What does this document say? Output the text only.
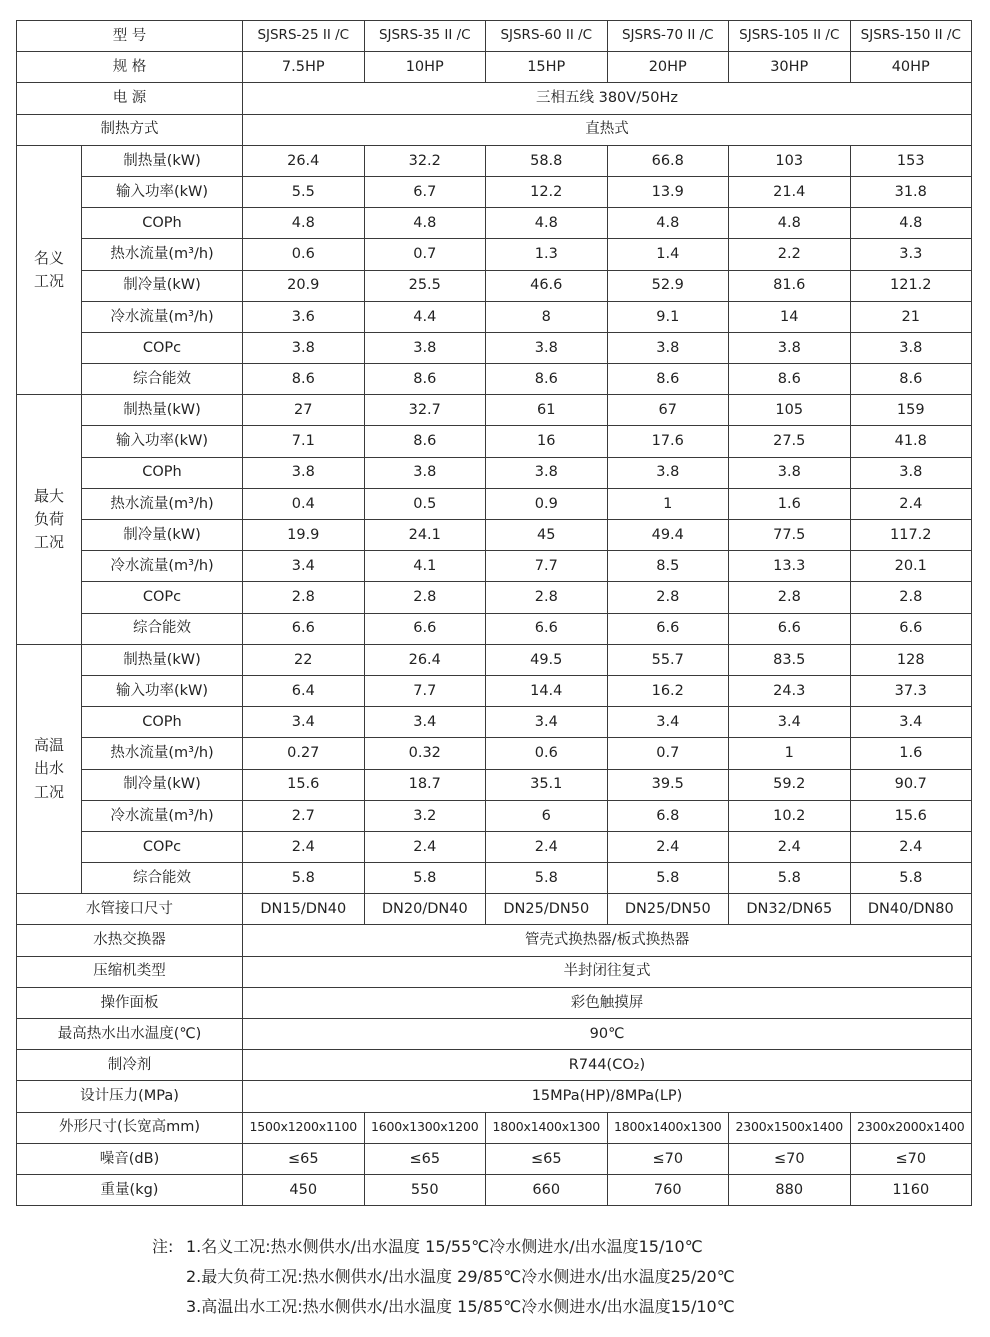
型 号		SJSRS-25 II /C	SJSRS-35 II /C	SJSRS-60 II /C	SJSRS-70 II /C	SJSRS-105 II /C	SJSRS-150 II /C
规 格		7.5HP	10HP	15HP	20HP	30HP	40HP
电 源		三相五线 380V/50Hz					
制热方式		直热式					

名义
工况	制热量(kW)	26.4	32.2	58.8	66.8	103	153
	输入功率(kW)	5.5	6.7	12.2	13.9	21.4	31.8
	COPh	4.8	4.8	4.8	4.8	4.8	4.8
	热水流量(m³/h)	0.6	0.7	1.3	1.4	2.2	3.3
	制冷量(kW)	20.9	25.5	46.6	52.9	81.6	121.2
	冷水流量(m³/h)	3.6	4.4	8	9.1	14	21
	COPc	3.8	3.8	3.8	3.8	3.8	3.8
	综合能效	8.6	8.6	8.6	8.6	8.6	8.6

最大
负荷
工况	制热量(kW)	27	32.7	61	67	105	159
	输入功率(kW)	7.1	8.6	16	17.6	27.5	41.8
	COPh	3.8	3.8	3.8	3.8	3.8	3.8
	热水流量(m³/h)	0.4	0.5	0.9	1	1.6	2.4
	制冷量(kW)	19.9	24.1	45	49.4	77.5	117.2
	冷水流量(m³/h)	3.4	4.1	7.7	8.5	13.3	20.1
	COPc	2.8	2.8	2.8	2.8	2.8	2.8
	综合能效	6.6	6.6	6.6	6.6	6.6	6.6

高温
出水
工况	制热量(kW)	22	26.4	49.5	55.7	83.5	128
	输入功率(kW)	6.4	7.7	14.4	16.2	24.3	37.3
	COPh	3.4	3.4	3.4	3.4	3.4	3.4
	热水流量(m³/h)	0.27	0.32	0.6	0.7	1	1.6
	制冷量(kW)	15.6	18.7	35.1	39.5	59.2	90.7
	冷水流量(m³/h)	2.7	3.2	6	6.8	10.2	15.6
	COPc	2.4	2.4	2.4	2.4	2.4	2.4
	综合能效	5.8	5.8	5.8	5.8	5.8	5.8
水管接口尺寸		DN15/DN40	DN20/DN40	DN25/DN50	DN25/DN50	DN32/DN65	DN40/DN80
水热交换器		管壳式换热器/板式换热器					
压缩机类型		半封闭往复式					
操作面板		彩色触摸屏					
最高热水出水温度(℃)		90℃					
制冷剂		R744(CO₂)					
设计压力(MPa)		15MPa(HP)/8MPa(LP)					
外形尺寸(长宽高mm)		1500x1200x1100	1600x1300x1200	1800x1400x1300	1800x1400x1300	2300x1500x1400	2300x2000x1400
噪音(dB)		≤65	≤65	≤65	≤70	≤70	≤70
重量(kg)		450	550	660	760	880	1160
注: 1.名义工况:热水侧供水/出水温度 15/55℃冷水侧进水/出水温度15/10℃
2.最大负荷工况:热水侧供水/出水温度 29/85℃冷水侧进水/出水温度25/20℃
3.高温出水工况:热水侧供水/出水温度 15/85℃冷水侧进水/出水温度15/10℃
